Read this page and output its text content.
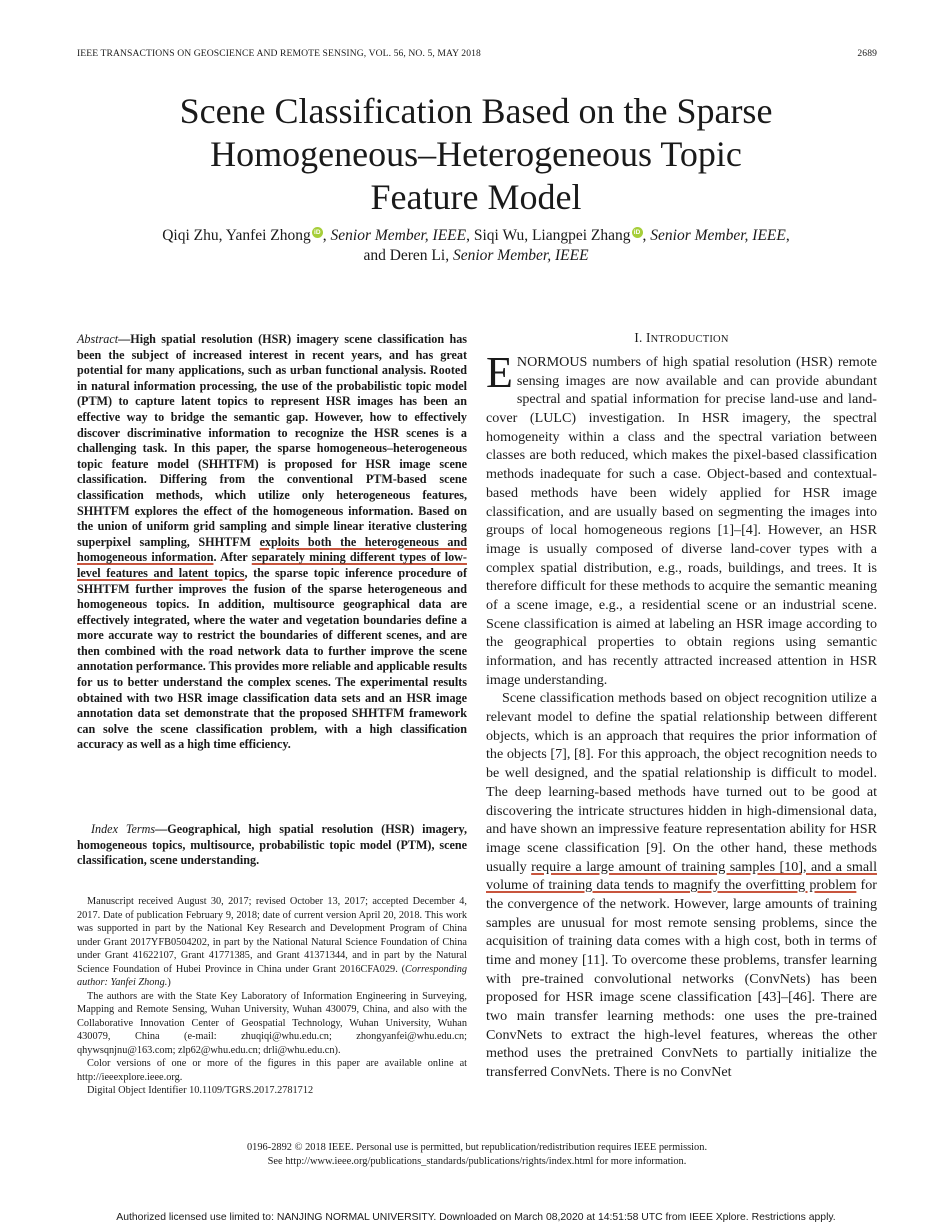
IEEE TRANSACTIONS ON GEOSCIENCE AND REMOTE SENSING, VOL. 56, NO. 5, MAY 2018	2689
Scene Classification Based on the Sparse
Homogeneous–Heterogeneous Topic
Feature Model
Qiqi Zhu, Yanfei Zhong iD , Senior Member, IEEE, Siqi Wu, Liangpei Zhang iD , Senior Member, IEEE,
and Deren Li, Senior Member, IEEE
Abstract—High spatial resolution (HSR) imagery scene classification has been the subject of increased interest in recent years, and has great potential for many applications, such as urban functional analysis. Rooted in natural information processing, the use of the probabilistic topic model (PTM) to capture latent topics to represent HSR images has been an effective way to bridge the semantic gap. However, how to effectively discover discriminative information to recognize the HSR scenes is a challenging task. In this paper, the sparse homogeneous–heterogeneous topic feature model (SHHTFM) is proposed for HSR image scene classification. Differing from the conventional PTM-based scene classification methods, which utilize only heterogeneous features, SHHTFM explores the effect of the homogeneous information. Based on the union of uniform grid sampling and simple linear iterative clustering superpixel sampling, SHHTFM exploits both the heterogeneous and homogeneous information. After separately mining different types of low-level features and latent topics, the sparse topic inference procedure of SHHTFM further improves the fusion of the sparse heterogeneous and homogeneous topics. In addition, multisource geographical data are effectively integrated, where the water and vegetation boundaries define a more accurate way to restrict the boundaries of different scenes, and are then combined with the road network data to further improve the scene annotation performance. This provides more reliable and applicable results for us to better understand the complex scenes. The experimental results obtained with two HSR image classification data sets and an HSR image annotation data set demonstrate that the proposed SHHTFM framework can solve the scene classification problem, with a high classification accuracy as well as a high time efficiency.
Index Terms—Geographical, high spatial resolution (HSR) imagery, homogeneous topics, multisource, probabilistic topic model (PTM), scene classification, scene understanding.

Manuscript received August 30, 2017; revised October 13, 2017; accepted December 4, 2017. Date of publication February 9, 2018; date of current version April 20, 2018. This work was supported in part by the National Key Research and Development Program of China under Grant 2017YFB0504202, in part by the National Natural Science Foundation of China under Grant 41622107, Grant 41771385, and Grant 41371344, and in part by the Natural Science Foundation of Hubei Province in China under Grant 2016CFA029. (Corresponding author: Yanfei Zhong.)

The authors are with the State Key Laboratory of Information Engineering in Surveying, Mapping and Remote Sensing, Wuhan University, Wuhan 430079, China, and also with the Collaborative Innovation Center of Geospatial Technology, Wuhan University, Wuhan 430079, China (e-mail: zhuqiqi@whu.edu.cn; zhongyanfei@whu.edu.cn; qhywsqnjnu@163.com; zlp62@whu.edu.cn; drli@whu.edu.cn).

Color versions of one or more of the figures in this paper are available online at http://ieeexplore.ieee.org.

Digital Object Identifier 10.1109/TGRS.2017.2781712

I. INTRODUCTION

ENORMOUS numbers of high spatial resolution (HSR) remote sensing images are now available and can provide abundant spectral and spatial information for precise land-use and land-cover (LULC) investigation. In HSR imagery, the spectral homogeneity within a class and the spectral variation between classes are both reduced, which makes the pixel-based classification methods inadequate for such a case. Object-based and contextual-based methods have been widely applied for HSR image classification, and are usually based on segmenting the images into groups of local homogeneous regions [1]–[4]. However, an HSR image is usually composed of diverse land-cover types with a complex spatial distribution, e.g., roads, buildings, and trees. It is therefore difficult for these methods to acquire the semantic meaning of a scene image, e.g., a residential scene or an industrial scene. Scene classification is aimed at labeling an HSR image according to the geographical properties to obtain regions using semantic information, and has recently attracted increased attention in HSR image understanding.

Scene classification methods based on object recognition utilize a relevant model to define the spatial relationship between different objects, which is an approach that requires the prior information of the objects [7], [8]. For this approach, the object recognition needs to be well designed, and the spatial relationship is difficult to model. The deep learning-based methods have turned out to be good at discovering the intricate structures hidden in high-dimensional data, and have shown an impressive feature representation ability for HSR image scene classification [9]. On the other hand, these methods usually require a large amount of training samples [10], and a small volume of training data tends to magnify the overfitting problem for the convergence of the network. However, large amounts of training samples are unusual for most remote sensing problems, since the acquisition of training data comes with a high cost, both in terms of time and money [11]. To overcome these problems, transfer learning with pre-trained convolutional networks (ConvNets) has been proposed for HSR image scene classification [43]–[46]. There are two main transfer learning methods: one uses the pre-trained ConvNets to extract the high-level features, whereas the other method uses the pretrained ConvNets to partially initialize the transferred ConvNets. There is no ConvNet

0196-2892 © 2018 IEEE. Personal use is permitted, but republication/redistribution requires IEEE permission.
See http://www.ieee.org/publications_standards/publications/rights/index.html for more information.
Authorized licensed use limited to: NANJING NORMAL UNIVERSITY. Downloaded on March 08,2020 at 14:51:58 UTC from IEEE Xplore. Restrictions apply.
